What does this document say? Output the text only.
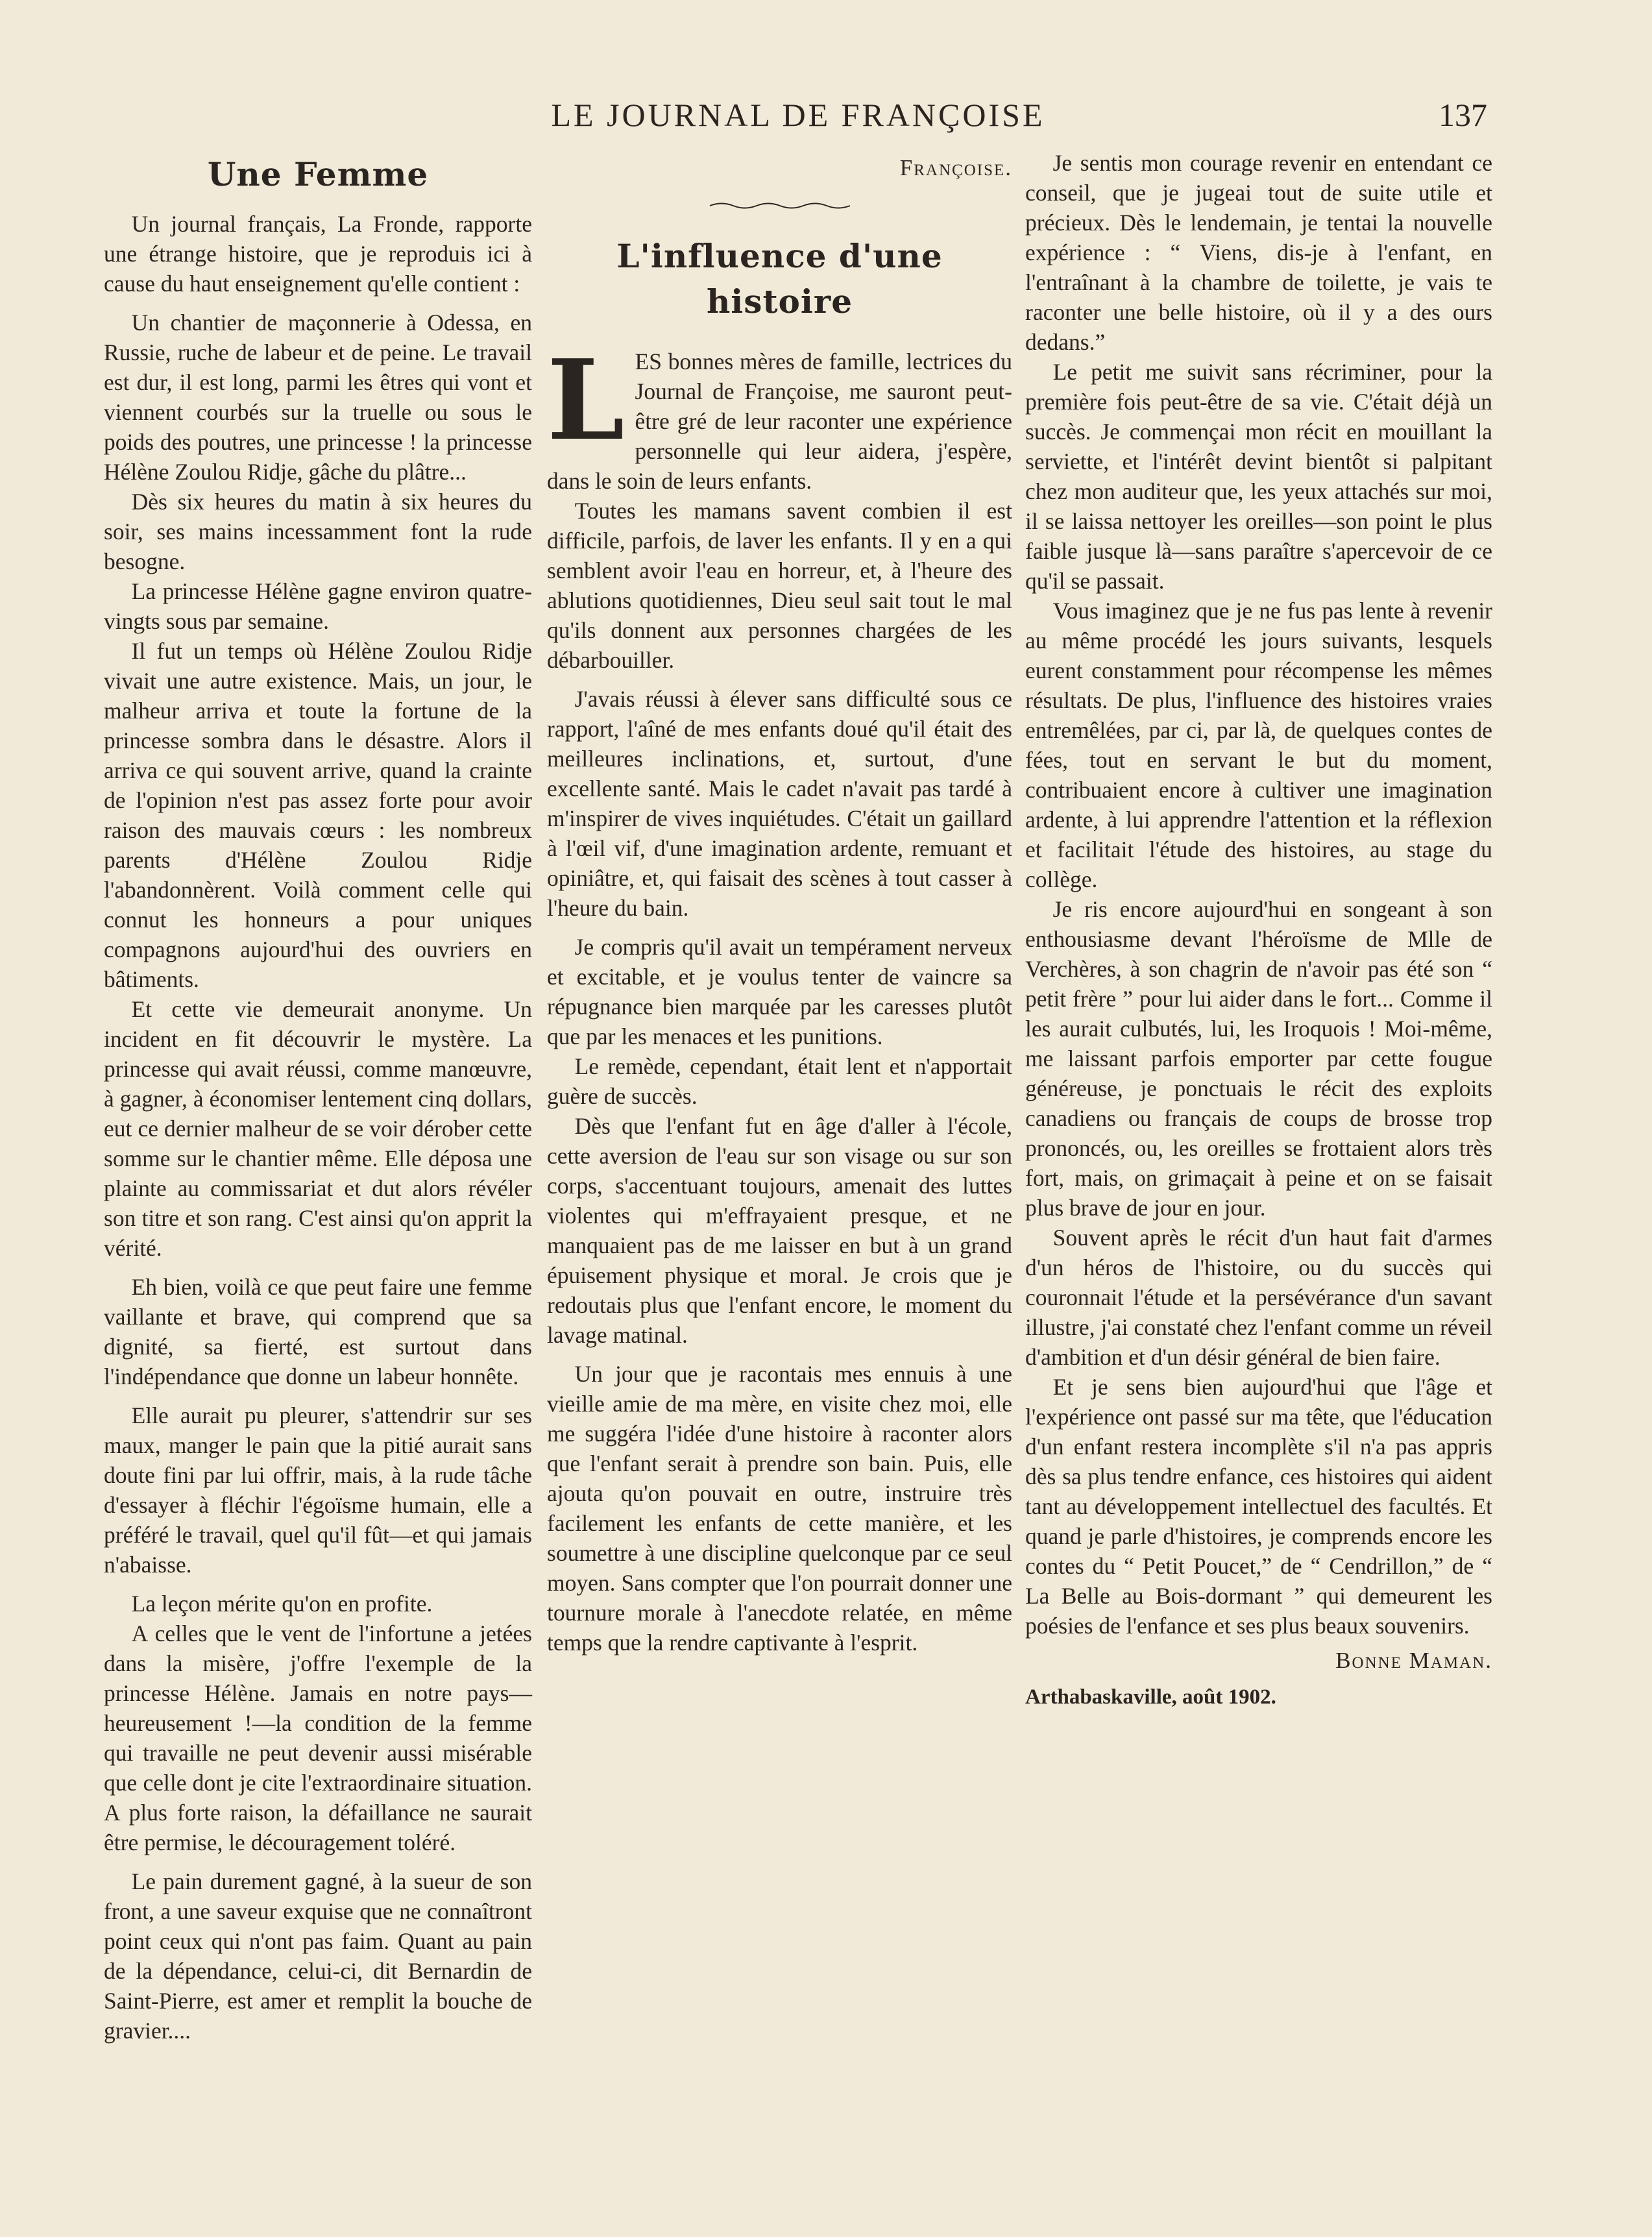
LE JOURNAL DE FRANÇOISE	137
Une Femme

Un journal français, La Fronde, rapporte une étrange histoire, que je reproduis ici à cause du haut enseignement qu'elle contient :

Un chantier de maçonnerie à Odessa, en Russie, ruche de labeur et de peine. Le travail est dur, il est long, parmi les êtres qui vont et viennent courbés sur la truelle ou sous le poids des poutres, une princesse ! la princesse Hélène Zoulou Ridje, gâche du plâtre...

Dès six heures du matin à six heures du soir, ses mains incessamment font la rude besogne.

La princesse Hélène gagne environ quatre-vingts sous par semaine.

Il fut un temps où Hélène Zoulou Ridje vivait une autre existence. Mais, un jour, le malheur arriva et toute la fortune de la princesse sombra dans le désastre. Alors il arriva ce qui souvent arrive, quand la crainte de l'opinion n'est pas assez forte pour avoir raison des mauvais cœurs : les nombreux parents d'Hélène Zoulou Ridje l'abandonnèrent. Voilà comment celle qui connut les honneurs a pour uniques compagnons aujourd'hui des ouvriers en bâtiments.

Et cette vie demeurait anonyme. Un incident en fit découvrir le mystère. La princesse qui avait réussi, comme manœuvre, à gagner, à économiser lentement cinq dollars, eut ce dernier malheur de se voir dérober cette somme sur le chantier même. Elle déposa une plainte au commissariat et dut alors révéler son titre et son rang. C'est ainsi qu'on apprit la vérité.

Eh bien, voilà ce que peut faire une femme vaillante et brave, qui comprend que sa dignité, sa fierté, est surtout dans l'indépendance que donne un labeur honnête.

Elle aurait pu pleurer, s'attendrir sur ses maux, manger le pain que la pitié aurait sans doute fini par lui offrir, mais, à la rude tâche d'essayer à fléchir l'égoïsme humain, elle a préféré le travail, quel qu'il fût—et qui jamais n'abaisse.

La leçon mérite qu'on en profite.

A celles que le vent de l'infortune a jetées dans la misère, j'offre l'exemple de la princesse Hélène. Jamais en notre pays—heureusement !—la condition de la femme qui travaille ne peut devenir aussi misérable que celle dont je cite l'extraordinaire situation. A plus forte raison, la défaillance ne saurait être permise, le découragement toléré.

Le pain durement gagné, à la sueur de son front, a une saveur exquise que ne connaîtront point ceux qui n'ont pas faim. Quant au pain de la dépendance, celui-ci, dit Bernardin de Saint-Pierre, est amer et remplit la bouche de gravier....

Françoise.
L'influence d'une histoire

L ES bonnes mères de famille, lectrices du Journal de Françoise, me sauront peut-être gré de leur raconter une expérience personnelle qui leur aidera, j'espère, dans le soin de leurs enfants.

Toutes les mamans savent combien il est difficile, parfois, de laver les enfants. Il y en a qui semblent avoir l'eau en horreur, et, à l'heure des ablutions quotidiennes, Dieu seul sait tout le mal qu'ils donnent aux personnes chargées de les débarbouiller.

J'avais réussi à élever sans difficulté sous ce rapport, l'aîné de mes enfants doué qu'il était des meilleures inclinations, et, surtout, d'une excellente santé. Mais le cadet n'avait pas tardé à m'inspirer de vives inquiétudes. C'était un gaillard à l'œil vif, d'une imagination ardente, remuant et opiniâtre, et, qui faisait des scènes à tout casser à l'heure du bain.

Je compris qu'il avait un tempérament nerveux et excitable, et je voulus tenter de vaincre sa répugnance bien marquée par les caresses plutôt que par les menaces et les punitions.

Le remède, cependant, était lent et n'apportait guère de succès.

Dès que l'enfant fut en âge d'aller à l'école, cette aversion de l'eau sur son visage ou sur son corps, s'accentuant toujours, amenait des luttes violentes qui m'effrayaient presque, et ne manquaient pas de me laisser en but à un grand épuisement physique et moral. Je crois que je redoutais plus que l'enfant encore, le moment du lavage matinal.

Un jour que je racontais mes ennuis à une vieille amie de ma mère, en visite chez moi, elle me suggéra l'idée d'une histoire à raconter alors que l'enfant serait à prendre son bain. Puis, elle ajouta qu'on pouvait en outre, instruire très facilement les enfants de cette manière, et les soumettre à une discipline quelconque par ce seul moyen. Sans compter que l'on pourrait donner une tournure morale à l'anecdote relatée, en même temps que la rendre captivante à l'esprit.

Je sentis mon courage revenir en entendant ce conseil, que je jugeai tout de suite utile et précieux. Dès le lendemain, je tentai la nouvelle expérience : “ Viens, dis-je à l'enfant, en l'entraînant à la chambre de toilette, je vais te raconter une belle histoire, où il y a des ours dedans.”

Le petit me suivit sans récriminer, pour la première fois peut-être de sa vie. C'était déjà un succès. Je commençai mon récit en mouillant la serviette, et l'intérêt devint bientôt si palpitant chez mon auditeur que, les yeux attachés sur moi, il se laissa nettoyer les oreilles—son point le plus faible jusque là—sans paraître s'apercevoir de ce qu'il se passait.

Vous imaginez que je ne fus pas lente à revenir au même procédé les jours suivants, lesquels eurent constamment pour récompense les mêmes résultats. De plus, l'influence des histoires vraies entremêlées, par ci, par là, de quelques contes de fées, tout en servant le but du moment, contribuaient encore à cultiver une imagination ardente, à lui apprendre l'attention et la réflexion et facilitait l'étude des histoires, au stage du collège.

Je ris encore aujourd'hui en songeant à son enthousiasme devant l'héroïsme de Mlle de Verchères, à son chagrin de n'avoir pas été son “ petit frère ” pour lui aider dans le fort... Comme il les aurait culbutés, lui, les Iroquois ! Moi-même, me laissant parfois emporter par cette fougue généreuse, je ponctuais le récit des exploits canadiens ou français de coups de brosse trop prononcés, ou, les oreilles se frottaient alors très fort, mais, on grimaçait à peine et on se faisait plus brave de jour en jour.

Souvent après le récit d'un haut fait d'armes d'un héros de l'histoire, ou du succès qui couronnait l'étude et la persévérance d'un savant illustre, j'ai constaté chez l'enfant comme un réveil d'ambition et d'un désir général de bien faire.

Et je sens bien aujourd'hui que l'âge et l'expérience ont passé sur ma tête, que l'éducation d'un enfant restera incomplète s'il n'a pas appris dès sa plus tendre enfance, ces histoires qui aident tant au développement intellectuel des facultés. Et quand je parle d'histoires, je comprends encore les contes du “ Petit Poucet,” de “ Cendrillon,” de “ La Belle au Bois-dormant ” qui demeurent les poésies de l'enfance et ses plus beaux souvenirs.

Bonne Maman.
Arthabaskaville, août 1902.
